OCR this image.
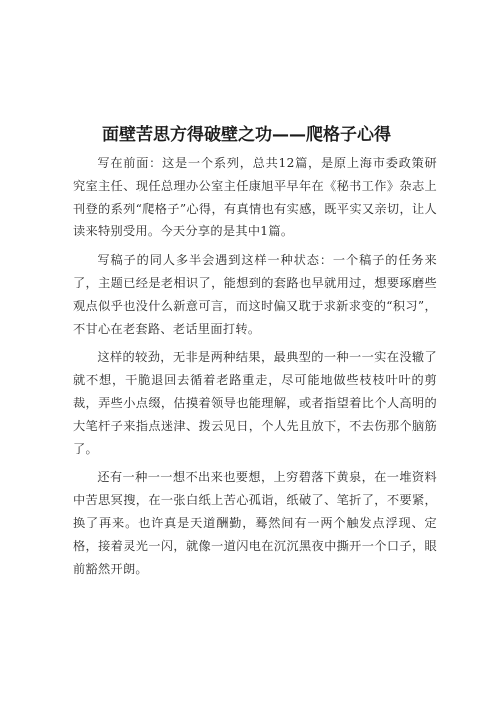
面壁苦思方得破壁之功——爬格子心得

写在前面：这是一个系列，总共12篇，是原上海市委政策研究室主任、现任总理办公室主任康旭平早年在《秘书工作》杂志上刊登的系列“爬格子”心得，有真情也有实感，既平实又亲切，让人读来特别受用。今天分享的是其中1篇。

写稿子的同人多半会遇到这样一种状态：一个稿子的任务来了，主题已经是老相识了，能想到的套路也早就用过，想要琢磨些观点似乎也没什么新意可言，而这时偏又耽于求新求变的“积习”，不甘心在老套路、老话里面打转。

这样的较劲，无非是两种结果，最典型的一种一一实在没辙了就不想，干脆退回去循着老路重走，尽可能地做些枝枝叶叶的剪裁，弄些小点缀，估摸着领导也能理解，或者指望着比个人高明的大笔杆子来指点迷津、拨云见日，个人先且放下，不去伤那个脑筋了。

还有一种一一想不出来也要想，上穷碧落下黄泉，在一堆资料中苦思冥搜，在一张白纸上苦心孤诣，纸破了、笔折了，不要紧，换了再来。也许真是天道酬勤，蓦然间有一两个触发点浮现、定格，接着灵光一闪，就像一道闪电在沉沉黑夜中撕开一个口子，眼前豁然开朗。
